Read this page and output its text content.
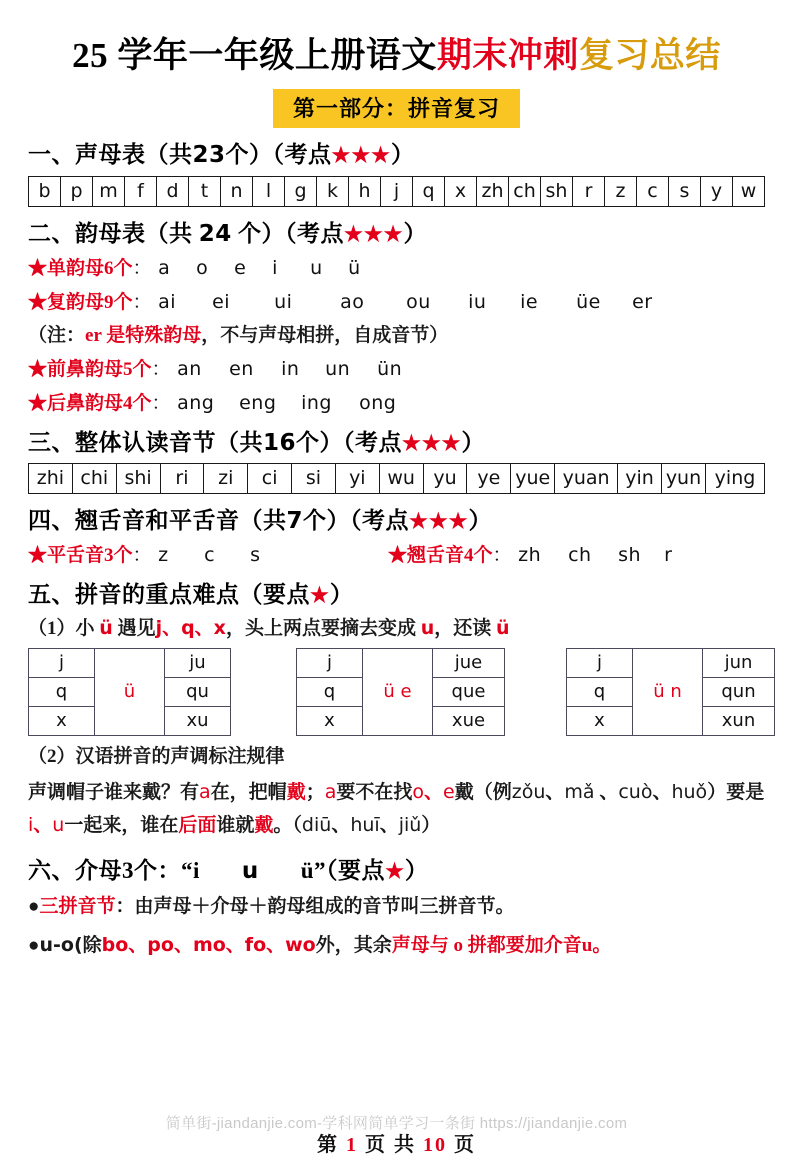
25 学年一年级上册语文期末冲刺复习总结
第一部分：拼音复习
一、声母表（共23个）（考点★★★）
b	p	m	f	d	t	n	l	g	k	h	j	q	x	zh	ch	sh	r	z	c	s	y	w
二、韵母表（共 24 个）（考点★★★）
★单韵母6个： a o e i u ü
★复韵母9个： ai ei ui	ao ou iu ie üe er
（注：er 是特殊韵母，不与声母相拼，自成音节）
★前鼻韵母5个： an en in un ün
★后鼻韵母4个： ang eng ing ong
三、整体认读音节（共16个）（考点★★★）
zhi	chi	shi	ri	zi	ci	si	yi	wu	yu	ye	yue	yuan	yin	yun	ying
四、翘舌音和平舌音（共7个）（考点★★★）
★平舌音3个： z c s	★翘舌音4个： zh ch sh r
五、拼音的重点难点（要点★）
（1）小 ü 遇见j、q、x，头上两点要摘去变成 u，还读 ü
j	ü	ju		j	ü e	jue		j	ü n	jun
q		qu		q		que		q		qun
x		xu		x		xue		x		xun
（2）汉语拼音的声调标注规律
声调帽子谁来戴？有a在，把帽戴；a要不在找o、e戴（例zǒu、mǎ 、cuò、huǒ）要是i、u一起来，谁在后面谁就戴。（diū、huī、jiǔ）
六、介母3个：“i u ü”（要点★）
●三拼音节：由声母＋介母＋韵母组成的音节叫三拼音节。
●u-o(除bo、po、mo、fo、wo外，其余声母与 o 拼都要加介音u。
简单街-jiandanjie.com-学科网简单学习一条街 https://jiandanjie.com
第 1 页 共 10 页
